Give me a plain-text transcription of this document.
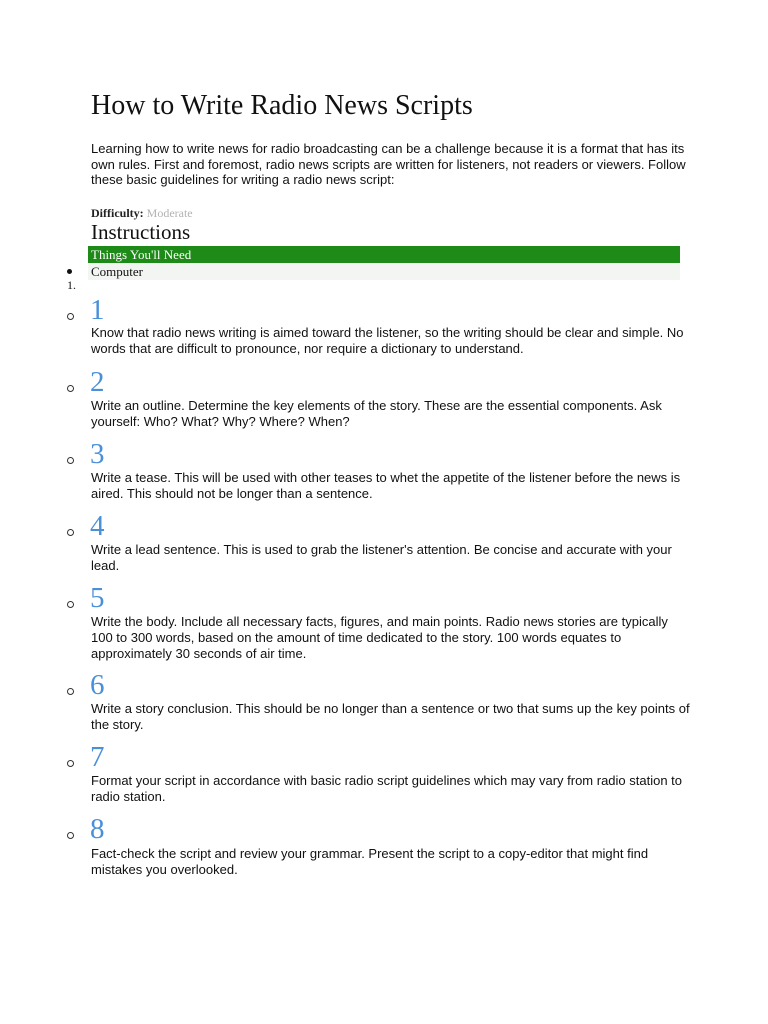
How to Write Radio News Scripts

Learning how to write news for radio broadcasting can be a challenge because it is a format that has its own rules. First and foremost, radio news scripts are written for listeners, not readers or viewers. Follow these basic guidelines for writing a radio news script:

Difficulty: Moderate

Instructions
Things You'll Need
Computer
1.
1

Know that radio news writing is aimed toward the listener, so the writing should be clear and simple. No words that are difficult to pronounce, nor require a dictionary to understand.

2

Write an outline. Determine the key elements of the story. These are the essential components. Ask yourself: Who? What? Why? Where? When?

3

Write a tease. This will be used with other teases to whet the appetite of the listener before the news is aired. This should not be longer than a sentence.

4

Write a lead sentence. This is used to grab the listener's attention. Be concise and accurate with your lead.

5

Write the body. Include all necessary facts, figures, and main points. Radio news stories are typically 100 to 300 words, based on the amount of time dedicated to the story. 100 words equates to approximately 30 seconds of air time.

6

Write a story conclusion. This should be no longer than a sentence or two that sums up the key points of the story.

7

Format your script in accordance with basic radio script guidelines which may vary from radio station to radio station.

8

Fact-check the script and review your grammar. Present the script to a copy-editor that might find mistakes you overlooked.
